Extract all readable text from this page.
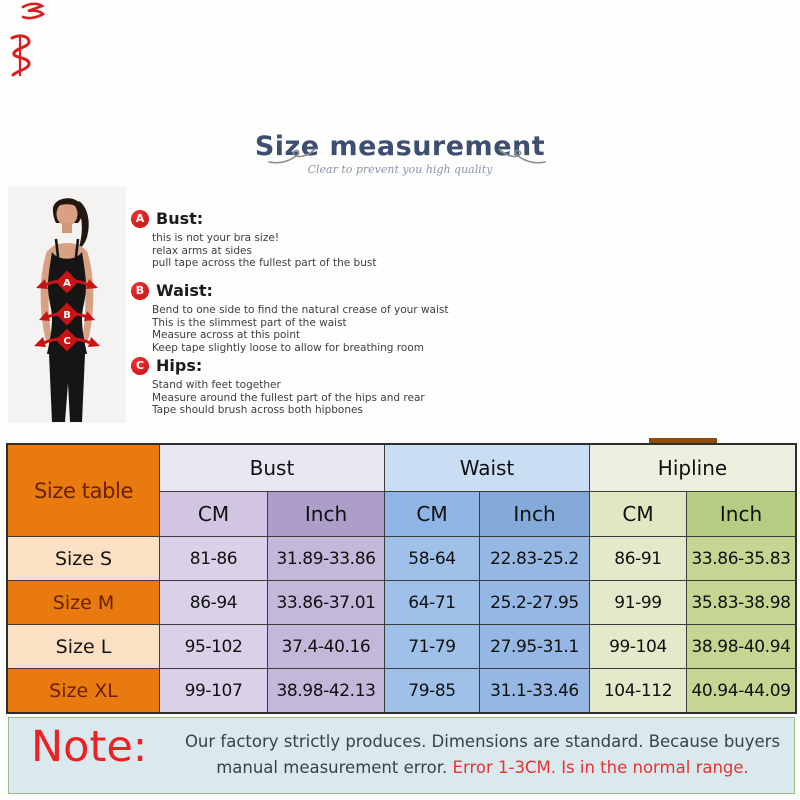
Size measurement
Clear to prevent you high quality
A
B
C
A Bust:
this is not your bra size!
relax arms at sides
pull tape across the fullest part of the bust
B Waist:
Bend to one side to find the natural crease of your waist
This is the slimmest part of the waist
Measure across at this point
Keep tape slightly loose to allow for breathing room
C Hips:
Stand with feet together
Measure around the fullest part of the hips and rear
Tape should brush across both hipbones
Size table
Bust	Waist	Hipline
CM	Inch	CM	Inch	CM	Inch
Size S	81-86	31.89-33.86	58-64	22.83-25.2	86-91	33.86-35.83
Size M	86-94	33.86-37.01	64-71	25.2-27.95	91-99	35.83-38.98
Size L	95-102	37.4-40.16	71-79	27.95-31.1	99-104	38.98-40.94
Size XL	99-107	38.98-42.13	79-85	31.1-33.46	104-112	40.94-44.09
Note:	Our factory strictly produces. Dimensions are standard. Because buyers
manual measurement error. Error 1-3CM. Is in the normal range.
